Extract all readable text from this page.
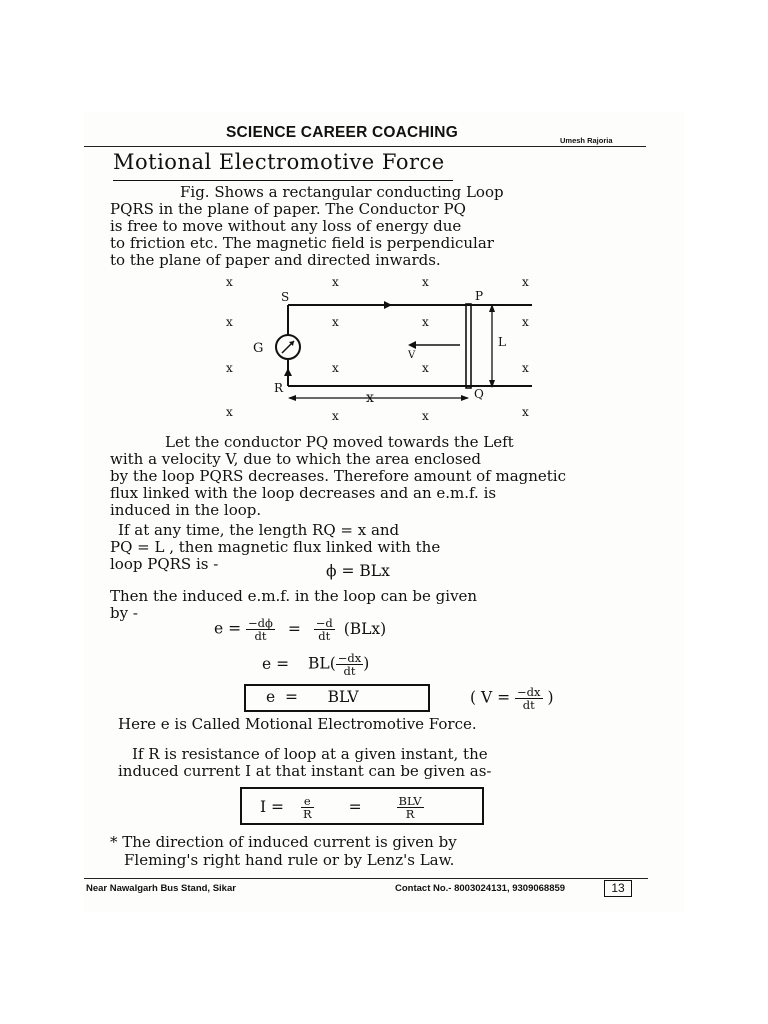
SCIENCE CAREER COACHING	Umesh Rajoria
Motional Electromotive Force
Fig. Shows a rectangular conducting Loop
PQRS in the plane of paper. The Conductor PQ
is free to move without any loss of energy due
to friction etc. The magnetic field is perpendicular
to the plane of paper and directed inwards.
x	x	x	x
x	x	x	x
x	x	x	x
x	x	x	x
S	P
R	Q
G	V
L
x
Let the conductor PQ moved towards the Left
with a velocity V, due to which the area enclosed
by the loop PQRS decreases. Therefore amount of magnetic
flux linked with the loop decreases and an e.m.f. is
induced in the loop.
If at any time, the length RQ = x and
PQ = L , then magnetic flux linked with the
loop PQRS is -	ϕ = BLx
Then the induced e.m.f. in the loop can be given
by -
$e = \frac{-d\phi}{dt} = \frac{-d}{dt} (BLx)$
$e = BL( \frac{-dx}{dt}$ )
e  =      BLV	( $V = \frac{-dx}{dt}$ )
Here e is Called Motional Electromotive Force.
If R is resistance of loop at a given instant, the
induced current I at that instant can be given as-
$I = \frac{e}{R}$ =	$\frac{\text{BLV}}{R}$
* The direction of induced current is given by
Fleming's right hand rule or by Lenz's Law.
Near Nawalgarh Bus Stand, Sikar	Contact No.- 8003024131, 9309068859	13
